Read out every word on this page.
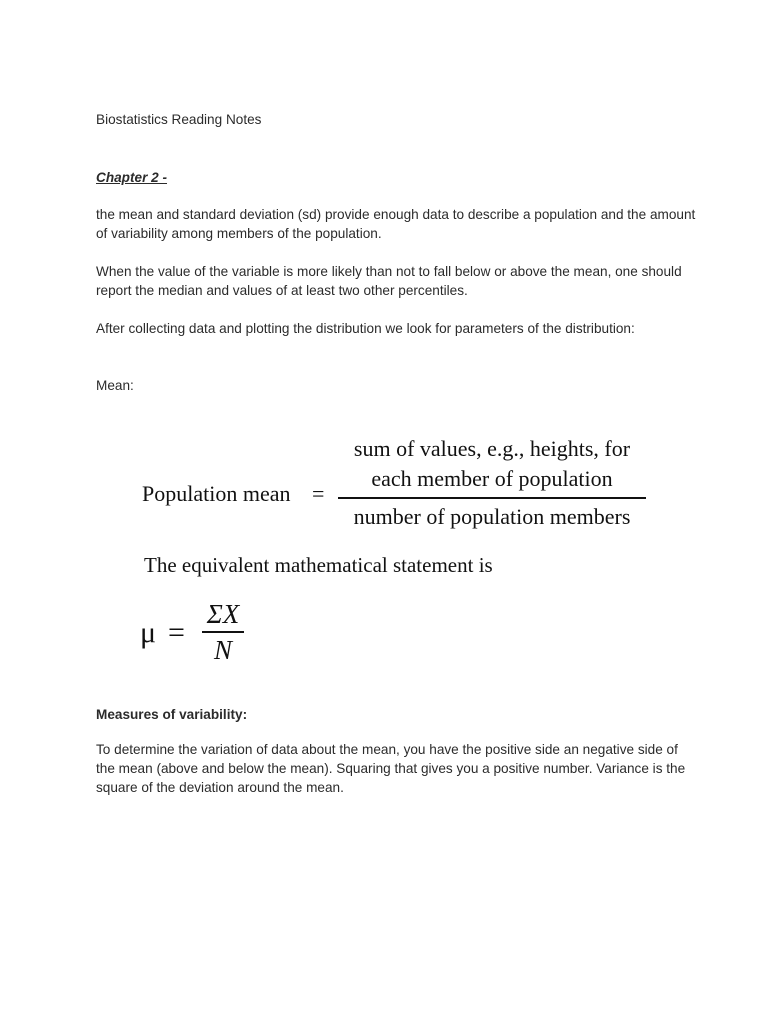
Biostatistics Reading Notes

Chapter 2 -

the mean and standard deviation (sd) provide enough data to describe a population and the amount of variability among members of the population.

When the value of the variable is more likely than not to fall below or above the mean, one should report the median and values of at least two other percentiles.

After collecting data and plotting the distribution we look for parameters of the distribution:

Mean:

Population mean =
sum of values, e.g., heights, for
each member of population
number of population members
The equivalent mathematical statement is
μ =
ΣX
N

Measures of variability:

To determine the variation of data about the mean, you have the positive side an negative side of the mean (above and below the mean). Squaring that gives you a positive number. Variance is the square of the deviation around the mean.
